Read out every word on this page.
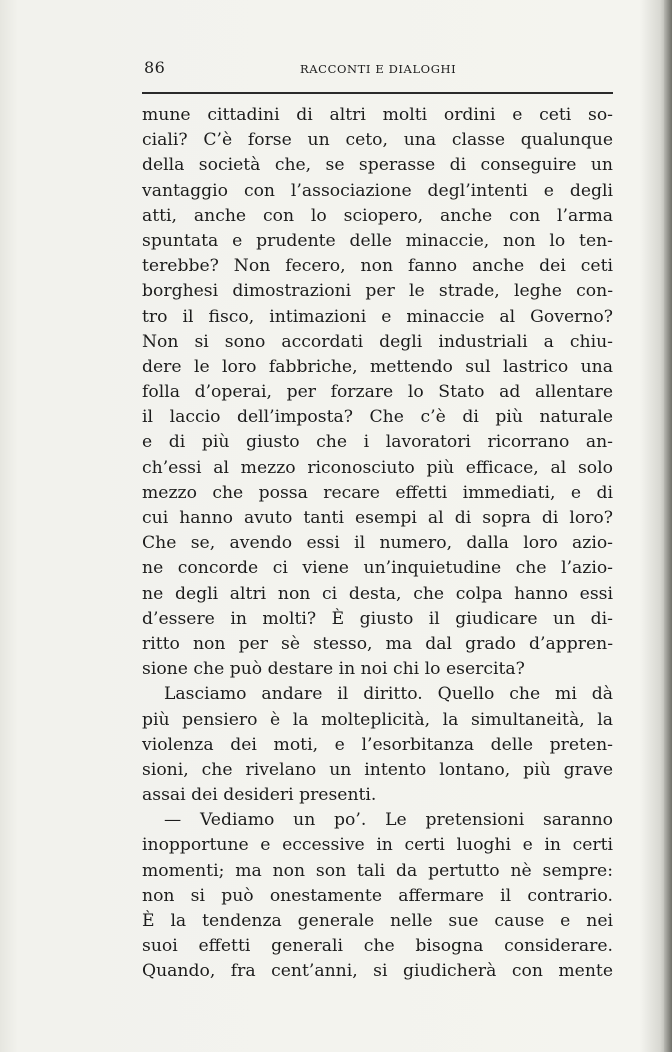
86	RACCONTI E DIALOGHI
mune cittadini di altri molti ordini e ceti so-
ciali? C’è forse un ceto, una classe qualunque
della società che, se sperasse di conseguire un
vantaggio con l’associazione degl’intenti e degli
atti, anche con lo sciopero, anche con l’arma
spuntata e prudente delle minaccie, non lo ten-
terebbe? Non fecero, non fanno anche dei ceti
borghesi dimostrazioni per le strade, leghe con-
tro il fisco, intimazioni e minaccie al Governo?
Non si sono accordati degli industriali a chiu-
dere le loro fabbriche, mettendo sul lastrico una
folla d’operai, per forzare lo Stato ad allentare
il laccio dell’imposta? Che c’è di più naturale
e di più giusto che i lavoratori ricorrano an-
ch’essi al mezzo riconosciuto più efficace, al solo
mezzo che possa recare effetti immediati, e di
cui hanno avuto tanti esempi al di sopra di loro?
Che se, avendo essi il numero, dalla loro azio-
ne concorde ci viene un’inquietudine che l’azio-
ne degli altri non ci desta, che colpa hanno essi
d’essere in molti? È giusto il giudicare un di-
ritto non per sè stesso, ma dal grado d’appren-
sione che può destare in noi chi lo esercita?
Lasciamo andare il diritto. Quello che mi dà
più pensiero è la molteplicità, la simultaneità, la
violenza dei moti, e l’esorbitanza delle preten-
sioni, che rivelano un intento lontano, più grave
assai dei desideri presenti.
— Vediamo un po’. Le pretensioni saranno
inopportune e eccessive in certi luoghi e in certi
momenti; ma non son tali da pertutto nè sempre:
non si può onestamente affermare il contrario.
È la tendenza generale nelle sue cause e nei
suoi effetti generali che bisogna considerare.
Quando, fra cent’anni, si giudicherà con mente
